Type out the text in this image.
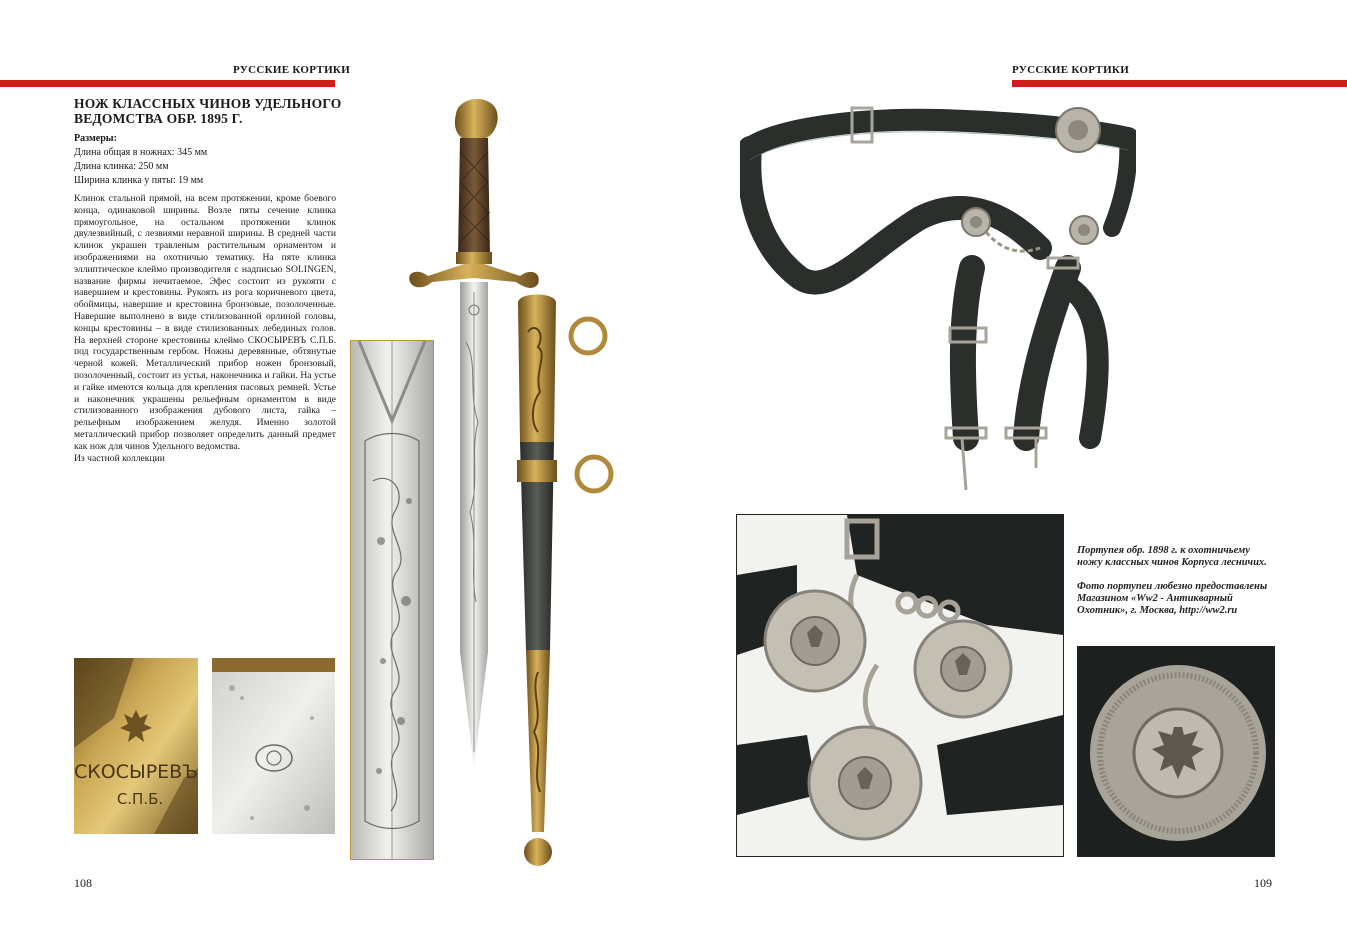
РУССКИЕ КОРТИКИ
НОЖ КЛАССНЫХ ЧИНОВ УДЕЛЬНОГО ВЕДОМСТВА ОБР. 1895 Г.
Размеры:
Длина общая в ножнах: 345 мм
Длина клинка: 250 мм
Ширина клинка у пяты: 19 мм

Клинок стальной прямой, на всем протяжении, кроме боевого конца, одинаковой ширины. Возле пяты сечение клинка прямоугольное, на остальном протяжении клинок двулезвийный, с лезвиями неравной ширины. В средней части клинок украшен травленым растительным орнаментом и изображениями на охотничью тематику. На пяте клинка эллиптическое клеймо производителя с надписью SOLINGEN, название фирмы нечитаемое. Эфес состоит из рукояти с навершием и крестовины. Рукоять из рога коричневого цвета, обоймицы, навершие и крестовина бронзовые, позолоченные. Навершие выполнено в виде стилизованной орлиной головы, концы крестовины – в виде стилизованных лебединых голов. На верхней стороне крестовины клеймо СКОСЫРЕВЪ С.П.Б. под государственным гербом. Ножны деревянные, обтянутые черной кожей. Металлический прибор ножен бронзовый, позолоченный, состоит из устья, наконечника и гайки. На устье и гайке имеются кольца для крепления пасовых ремней. Устье и наконечник украшены рельефным орнаментом в виде стилизованного изображения дубового листа, гайка – рельефным изображением желудя. Именно золотой металлический прибор позволяет определить данный предмет как нож для чинов Удельного ведомства.

Из частной коллекции

СКОСЫРЕВЪ
С.П.Б.
108
РУССКИЕ КОРТИКИ
109

Портупея обр. 1898 г. к охотничьему ножу классных чинов Корпуса лесничих.

Фото портупеи любезно предоставлены Магазином «Ww2 - Антикварный Охотник», г. Москва, http://ww2.ru
